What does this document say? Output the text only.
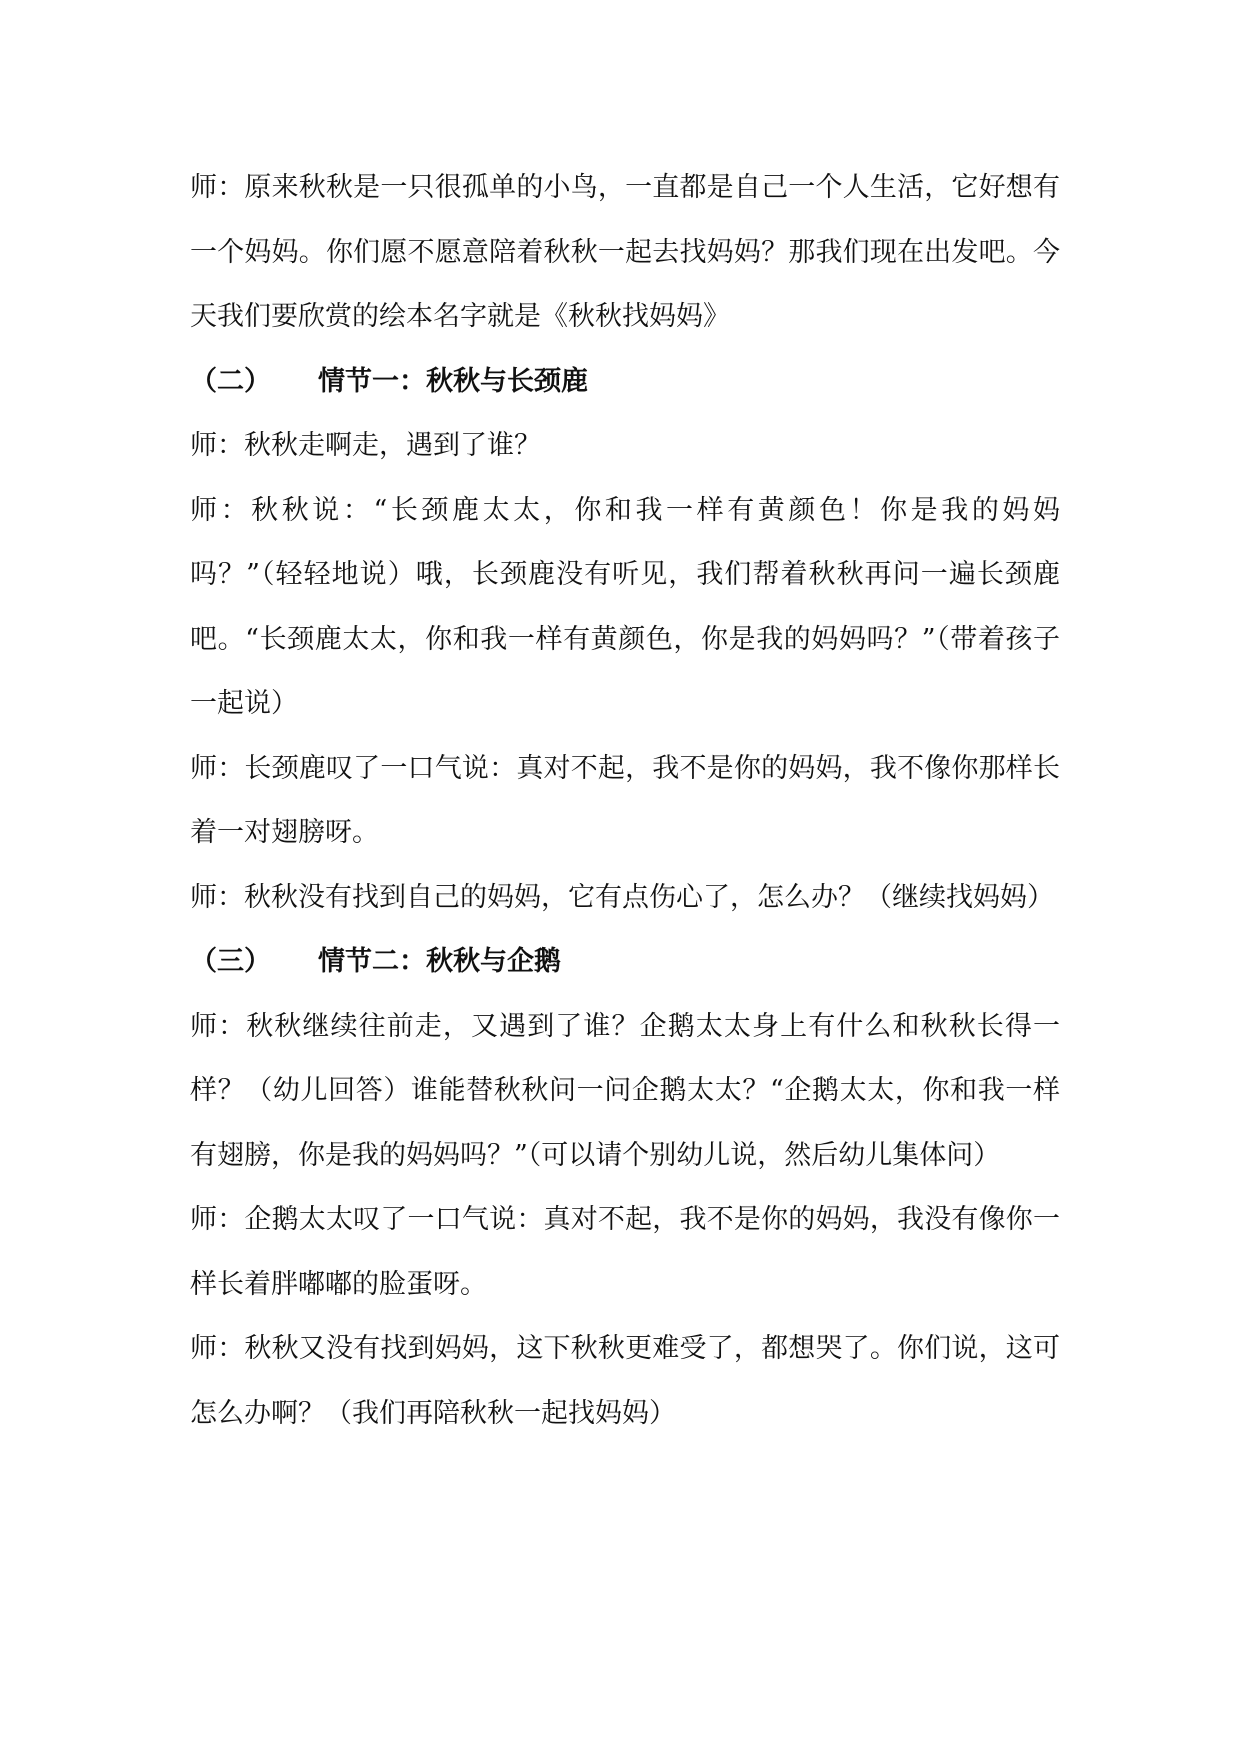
师：原来秋秋是一只很孤单的小鸟，一直都是自己一个人生活，它好想有一个妈妈。你们愿不愿意陪着秋秋一起去找妈妈？那我们现在出发吧。今天我们要欣赏的绘本名字就是《秋秋找妈妈》

（二） 情节一：秋秋与长颈鹿

师：秋秋走啊走，遇到了谁？

师：秋秋说：“长颈鹿太太，你和我一样有黄颜色！你是我的妈妈吗？”（轻轻地说）哦，长颈鹿没有听见，我们帮着秋秋再问一遍长颈鹿吧。“长颈鹿太太，你和我一样有黄颜色，你是我的妈妈吗？”（带着孩子一起说）

师：长颈鹿叹了一口气说：真对不起，我不是你的妈妈，我不像你那样长着一对翅膀呀。

师：秋秋没有找到自己的妈妈，它有点伤心了，怎么办？（继续找妈妈）

（三） 情节二：秋秋与企鹅

师：秋秋继续往前走，又遇到了谁？企鹅太太身上有什么和秋秋长得一样？（幼儿回答）谁能替秋秋问一问企鹅太太？“企鹅太太，你和我一样有翅膀，你是我的妈妈吗？”（可以请个别幼儿说，然后幼儿集体问）

师：企鹅太太叹了一口气说：真对不起，我不是你的妈妈，我没有像你一样长着胖嘟嘟的脸蛋呀。

师：秋秋又没有找到妈妈，这下秋秋更难受了，都想哭了。你们说，这可怎么办啊？（我们再陪秋秋一起找妈妈）
